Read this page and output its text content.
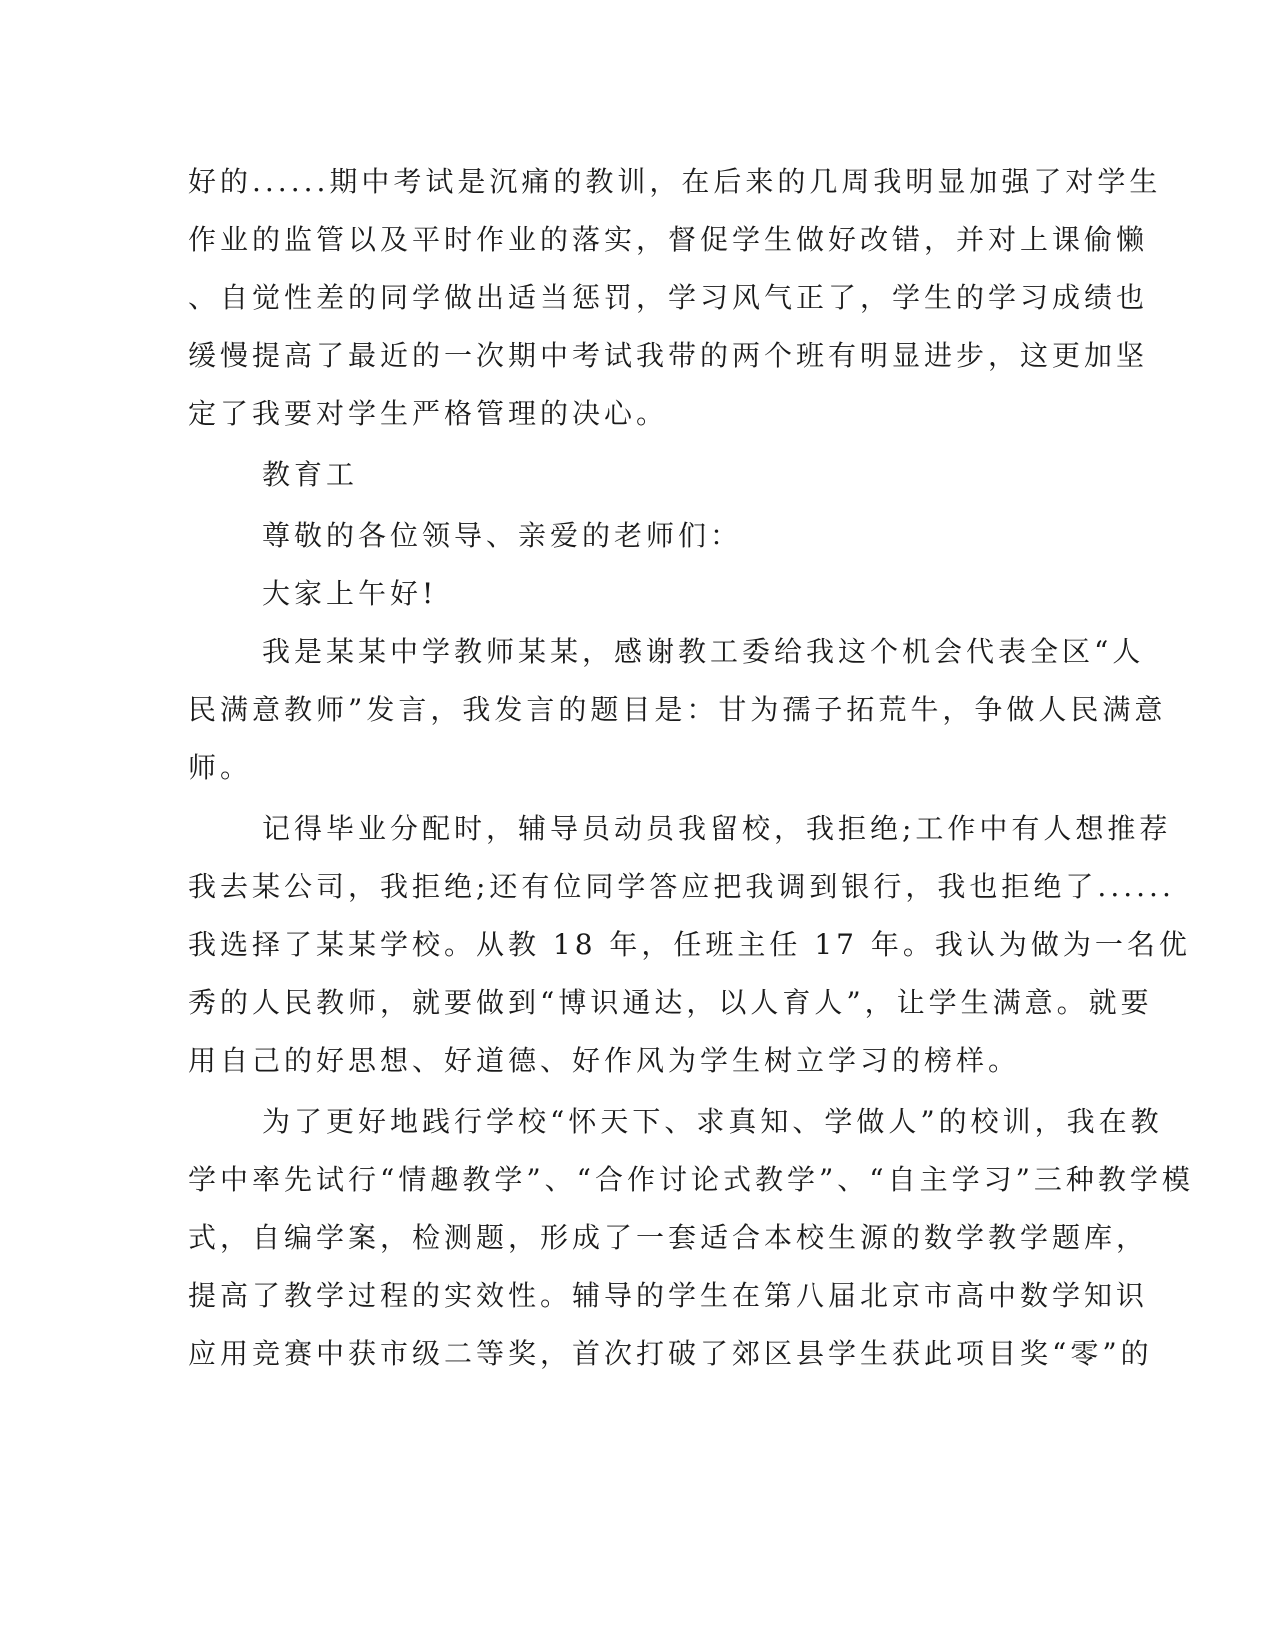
好的......期中考试是沉痛的教训，在后来的几周我明显加强了对学生
作业的监管以及平时作业的落实，督促学生做好改错，并对上课偷懒
、自觉性差的同学做出适当惩罚，学习风气正了，学生的学习成绩也
缓慢提高了最近的一次期中考试我带的两个班有明显进步，这更加坚
定了我要对学生严格管理的决心。
教育工
尊敬的各位领导、亲爱的老师们：
大家上午好!
我是某某中学教师某某，感谢教工委给我这个机会代表全区“人
民满意教师”发言，我发言的题目是：甘为孺子拓荒牛，争做人民满意
师。
记得毕业分配时，辅导员动员我留校，我拒绝;工作中有人想推荐
我去某公司，我拒绝;还有位同学答应把我调到银行，我也拒绝了......
我选择了某某学校。从教 18 年，任班主任 17 年。我认为做为一名优
秀的人民教师，就要做到“博识通达，以人育人”，让学生满意。就要
用自己的好思想、好道德、好作风为学生树立学习的榜样。
为了更好地践行学校“怀天下、求真知、学做人”的校训，我在教
学中率先试行“情趣教学”、“合作讨论式教学”、“自主学习”三种教学模
式，自编学案，检测题，形成了一套适合本校生源的数学教学题库，
提高了教学过程的实效性。辅导的学生在第八届北京市高中数学知识
应用竞赛中获市级二等奖，首次打破了郊区县学生获此项目奖“零”的
